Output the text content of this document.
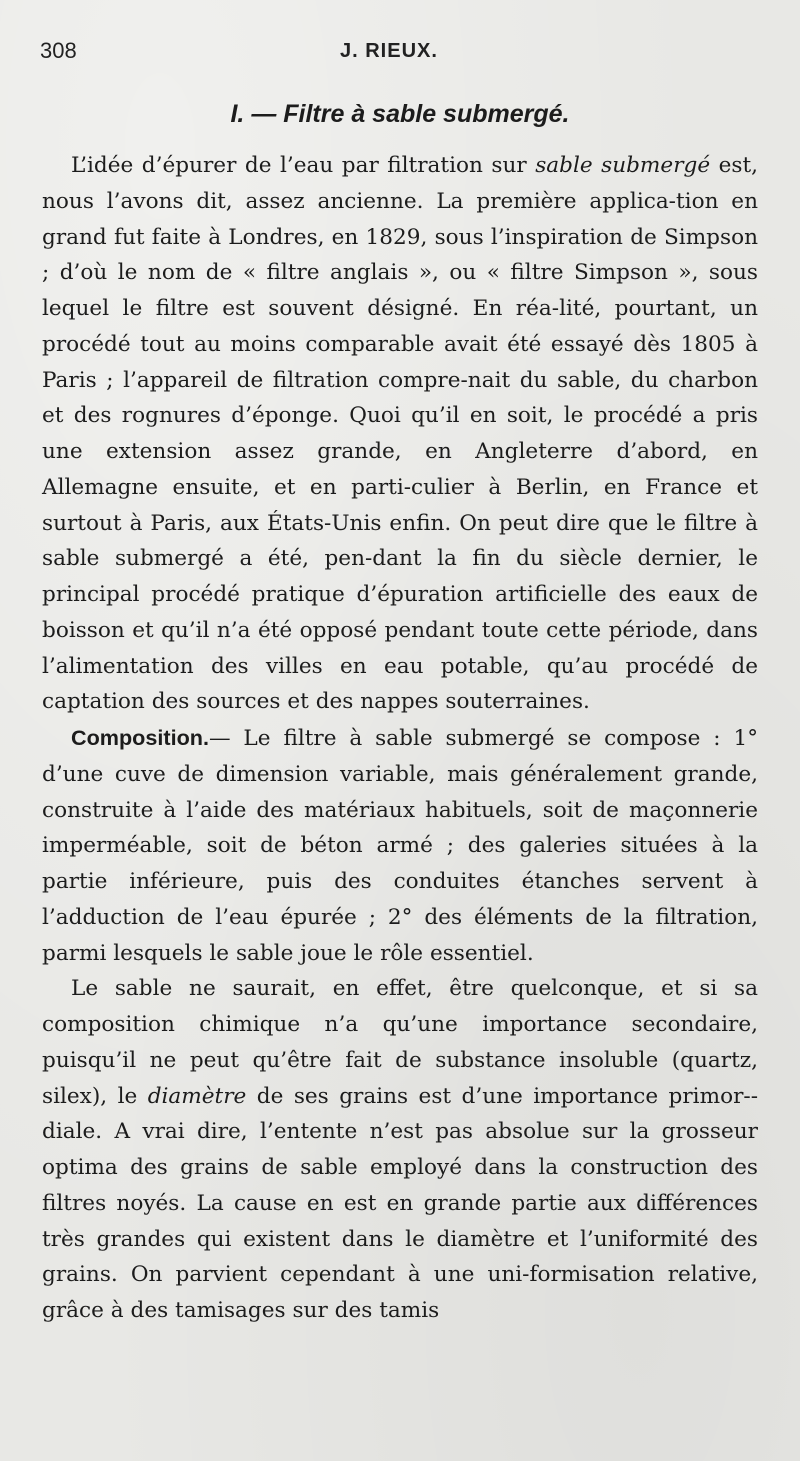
308	J. RIEUX.
I. — Filtre à sable submergé.

L’idée d’épurer de l’eau par filtration sur sable submergé est, nous l’avons dit, assez ancienne. La première applica-tion en grand fut faite à Londres, en 1829, sous l’inspiration de Simpson ; d’où le nom de « filtre anglais », ou « filtre Simpson », sous lequel le filtre est souvent désigné. En réa-lité, pourtant, un procédé tout au moins comparable avait été essayé dès 1805 à Paris ; l’appareil de filtration compre-nait du sable, du charbon et des rognures d’éponge. Quoi qu’il en soit, le procédé a pris une extension assez grande, en Angleterre d’abord, en Allemagne ensuite, et en parti-culier à Berlin, en France et surtout à Paris, aux États-Unis enfin. On peut dire que le filtre à sable submergé a été, pen-dant la fin du siècle dernier, le principal procédé pratique d’épuration artificielle des eaux de boisson et qu’il n’a été opposé pendant toute cette période, dans l’alimentation des villes en eau potable, qu’au procédé de captation des sources et des nappes souterraines.

Composition.— Le filtre à sable submergé se compose : 1° d’une cuve de dimension variable, mais généralement grande, construite à l’aide des matériaux habituels, soit de maçonnerie imperméable, soit de béton armé ; des galeries situées à la partie inférieure, puis des conduites étanches servent à l’adduction de l’eau épurée ; 2° des éléments de la filtration, parmi lesquels le sable joue le rôle essentiel.

Le sable ne saurait, en effet, être quelconque, et si sa composition chimique n’a qu’une importance secondaire, puisqu’il ne peut qu’être fait de substance insoluble (quartz, silex), le diamètre de ses grains est d’une importance primor-diale. A vrai dire, l’entente n’est pas absolue sur la grosseur optima des grains de sable employé dans la construction des filtres noyés. La cause en est en grande partie aux différences très grandes qui existent dans le diamètre et l’uniformité des grains. On parvient cependant à une uni-formisation relative, grâce à des tamisages sur des tamis
